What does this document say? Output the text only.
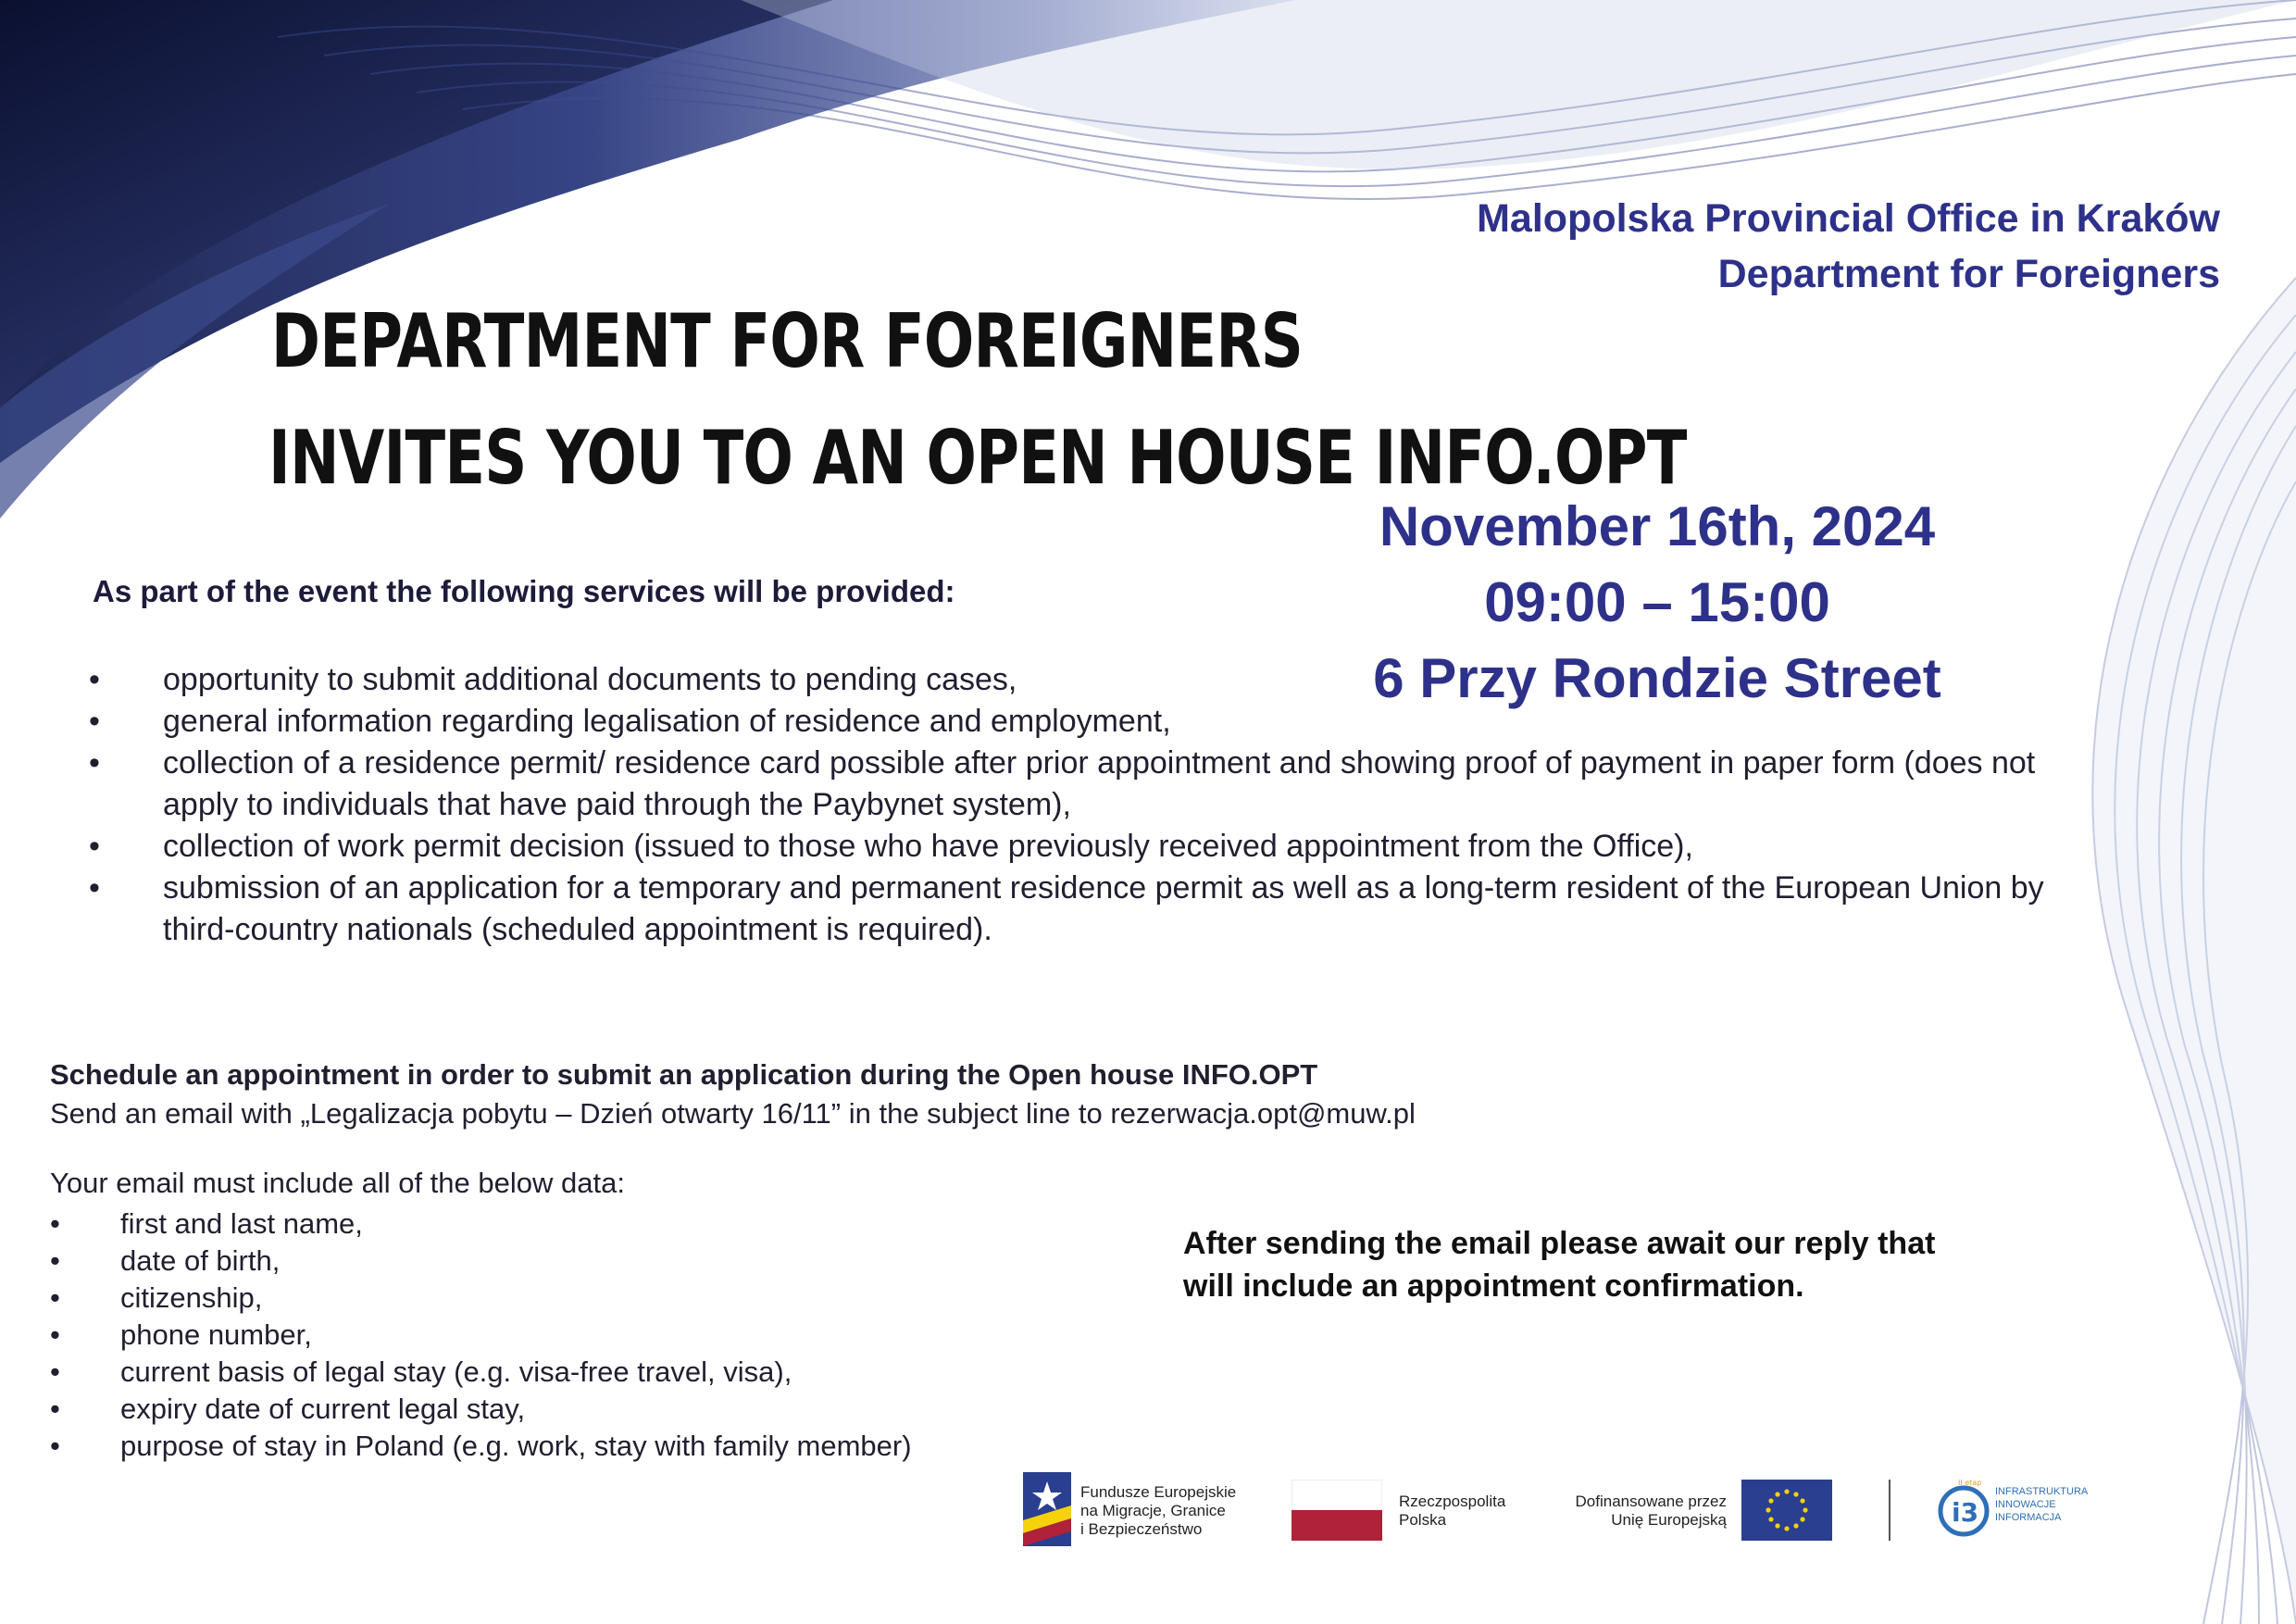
Malopolska Provincial Office in Kraków
Department for Foreigners
DEPARTMENT FOR FOREIGNERS
INVITES YOU TO AN OPEN HOUSE INFO.OPT
November 16th, 2024
09:00 – 15:00
6 Przy Rondzie Street
As part of the event the following services will be provided:
• opportunity to submit additional documents to pending cases,
• general information regarding legalisation of residence and employment,
• collection of a residence permit/ residence card possible after prior appointment and showing proof of payment in paper form (does not apply to individuals that have paid through the Paybynet system),
• collection of work permit decision (issued to those who have previously received appointment from the Office),
• submission of an application for a temporary and permanent residence permit as well as a long-term resident of the European Union by third-country nationals (scheduled appointment is required).
Schedule an appointment in order to submit an application during the Open house INFO.OPT
Send an email with „Legalizacja pobytu – Dzień otwarty 16/11” in the subject line to rezerwacja.opt@muw.pl
Your email must include all of the below data:
• first and last name,
• date of birth,
• citizenship,
• phone number,
• current basis of legal stay (e.g. visa-free travel, visa),
• expiry date of current legal stay,
• purpose of stay in Poland (e.g. work, stay with family member)
After sending the email please await our reply that
will include an appointment confirmation.
Fundusze Europejskie
na Migracje, Granice
i Bezpieczeństwo
Rzeczpospolita
Polska
Dofinansowane przez
Unię Europejską	i3
II etap
INFRASTRUKTURA
INNOWACJE
INFORMACJA
